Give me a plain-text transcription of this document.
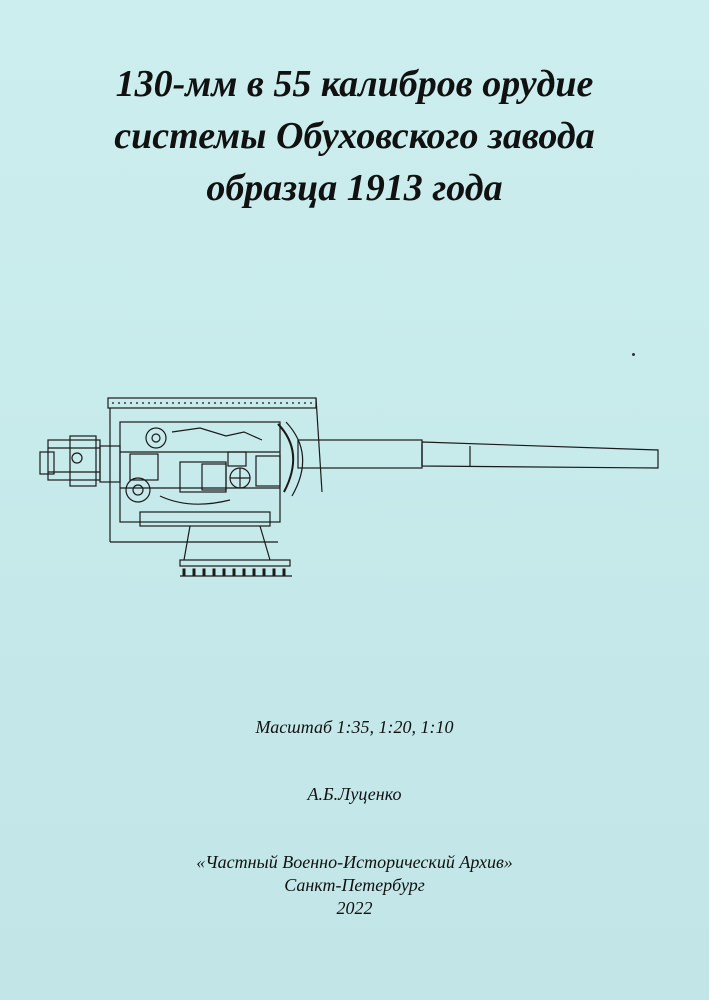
130-мм в 55 калибров орудие
системы Обуховского завода
образца 1913 года
Масштаб 1:35, 1:20, 1:10
А.Б.Луценко
«Частный Военно-Исторический Архив»
Санкт-Петербург
2022
